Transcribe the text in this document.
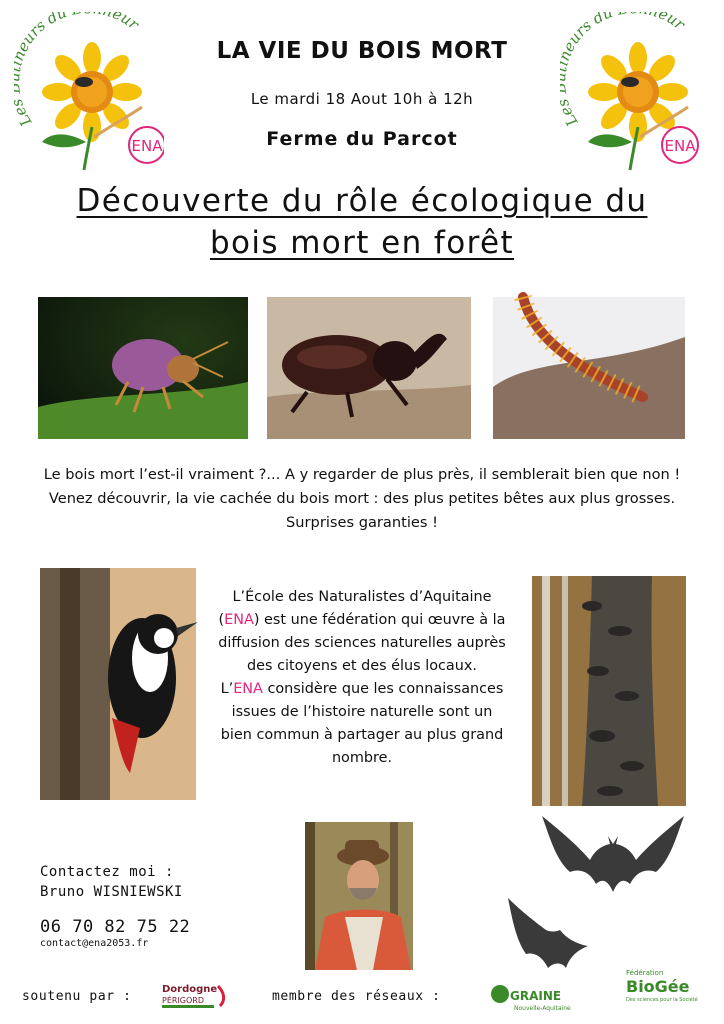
L eurs du eur
ENA
L eurs du eur
ENA
LA VIE DU BOIS MORT
Le mardi 18 Aout 10h à 12h
Ferme du Parcot
Découverte du rôle écologique du
bois mort en forêt
Le bois mort l’est-il vraiment ?... A y regarder de plus près, il semblerait bien que non ! Venez découvrir, la vie cachée du bois mort : des plus petites bêtes aux plus grosses. Surprises garanties !
L’École des Naturalistes d’Aquitaine (ENA) est une fédération qui œuvre à la diffusion des sciences naturelles auprès des citoyens et des élus locaux.
L’ENA considère que les connaissances issues de l’histoire naturelle sont un bien commun à partager au plus grand nombre.
Contactez moi :
Bruno WISNIEWSKI
06 70 82 75 22
contact@ena2053.fr
soutenu par :	Dordogne
PÉRIGORD	membre des réseaux :	GRAINE
Nouvelle-Aquitaine
Fédération
BioGée
Des sciences pour la Société
